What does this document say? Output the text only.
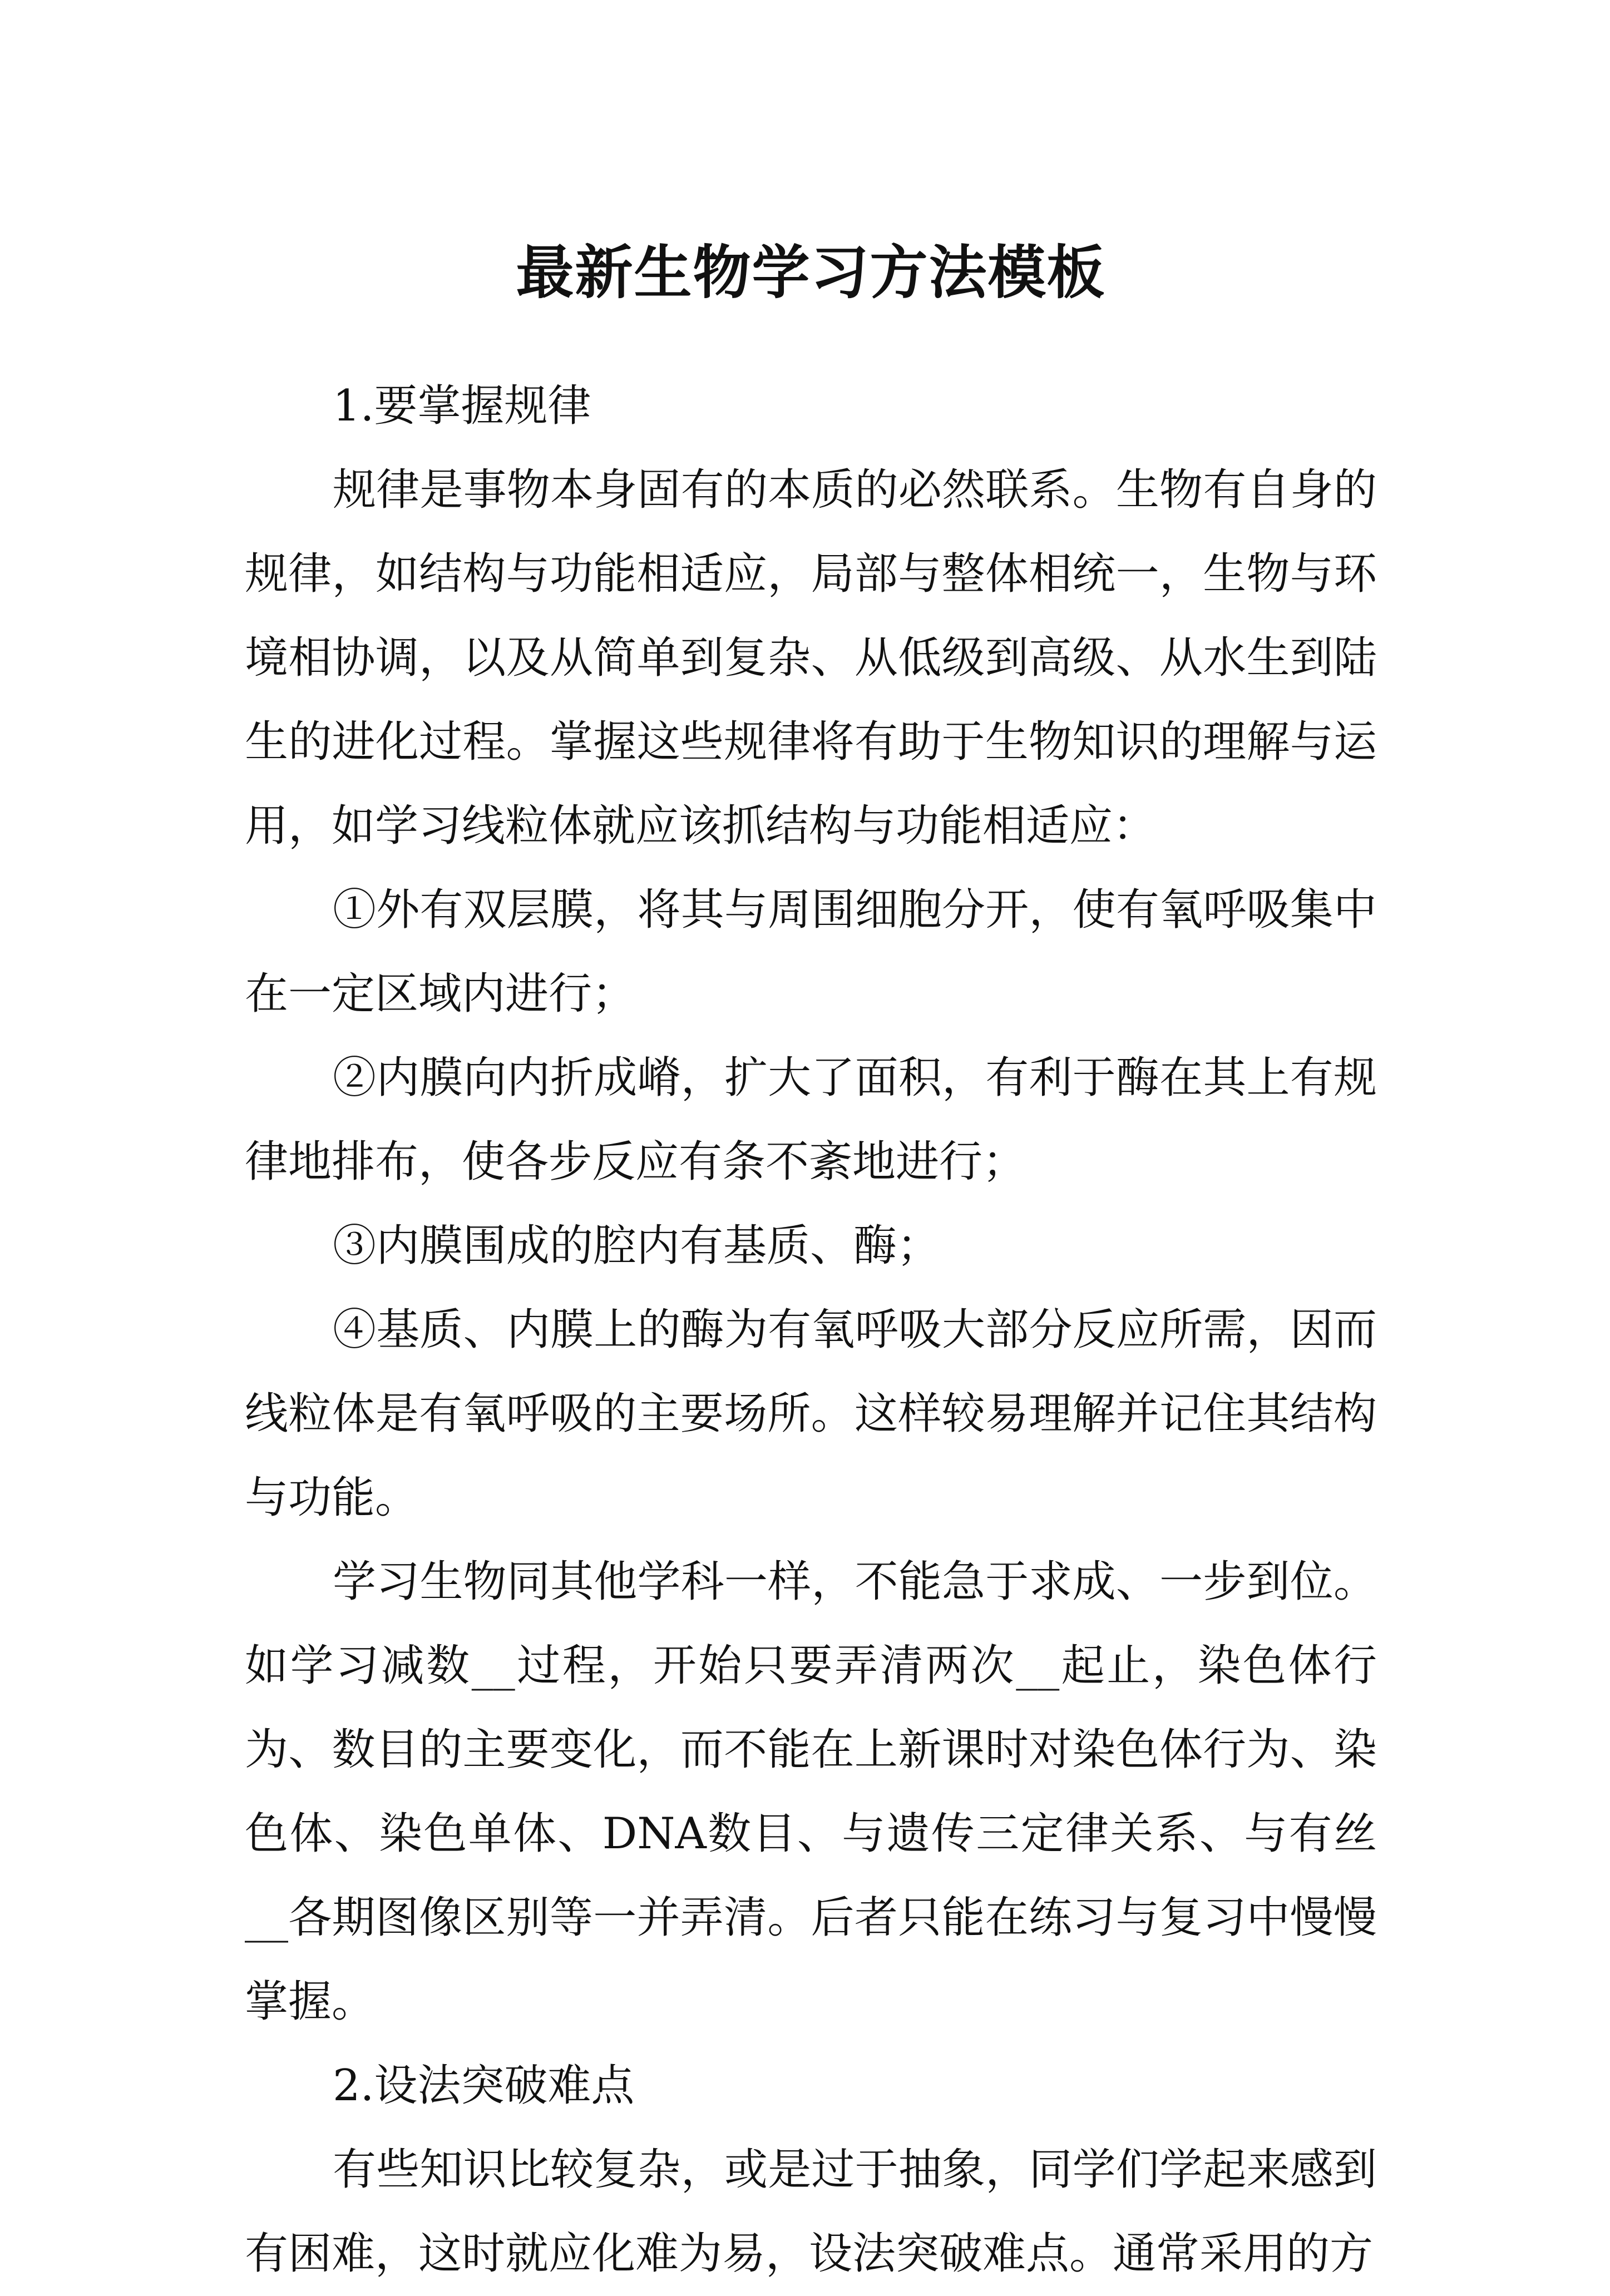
最新生物学习方法模板

1.要掌握规律

规律是事物本身固有的本质的必然联系。生物有自身的规律，如结构与功能相适应，局部与整体相统一，生物与环境相协调，以及从简单到复杂、从低级到高级、从水生到陆生的进化过程。掌握这些规律将有助于生物知识的理解与运用，如学习线粒体就应该抓结构与功能相适应：

①外有双层膜，将其与周围细胞分开，使有氧呼吸集中在一定区域内进行；

②内膜向内折成嵴，扩大了面积，有利于酶在其上有规律地排布，使各步反应有条不紊地进行；

③内膜围成的腔内有基质、酶；

④基质、内膜上的酶为有氧呼吸大部分反应所需，因而线粒体是有氧呼吸的主要场所。这样较易理解并记住其结构与功能。

学习生物同其他学科一样，不能急于求成、一步到位。如学习减数__过程，开始只要弄清两次__起止，染色体行为、数目的主要变化，而不能在上新课时对染色体行为、染色体、染色单体、DNA数目、与遗传三定律关系、与有丝__各期图像区别等一并弄清。后者只能在练习与复习中慢慢掌握。

2.设法突破难点

有些知识比较复杂，或是过于抽象，同学们学起来感到有困难，这时就应化难为易，设法突破难点。通常采用的方
